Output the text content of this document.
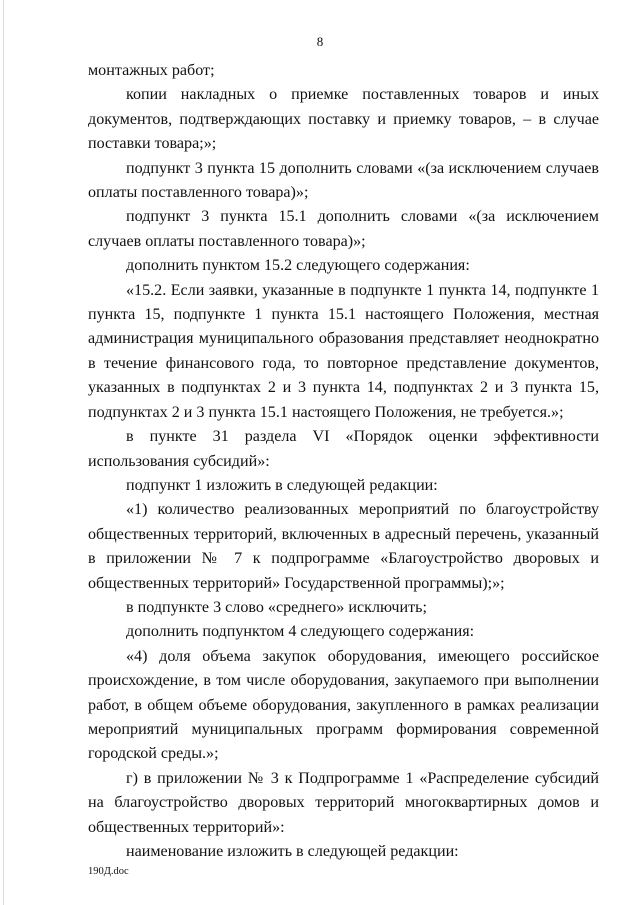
8

монтажных работ;

копии накладных о приемке поставленных товаров и иных документов, подтверждающих поставку и приемку товаров, – в случае поставки товара;»;

подпункт 3 пункта 15 дополнить словами «(за исключением случаев оплаты поставленного товара)»;

подпункт 3 пункта 15.1 дополнить словами «(за исключением случаев оплаты поставленного товара)»;

дополнить пунктом 15.2 следующего содержания:

«15.2. Если заявки, указанные в подпункте 1 пункта 14, подпункте 1 пункта 15, подпункте 1 пункта 15.1 настоящего Положения, местная администрация муниципального образования представляет неоднократно в течение финансового года, то повторное представление документов, указанных в подпунктах 2 и 3 пункта 14, подпунктах 2 и 3 пункта 15, подпунктах 2 и 3 пункта 15.1 настоящего Положения, не требуется.»;

в пункте 31 раздела VI «Порядок оценки эффективности использования субсидий»:

подпункт 1 изложить в следующей редакции:

«1) количество реализованных мероприятий по благоустройству общественных территорий, включенных в адресный перечень, указанный в приложении № 7 к подпрограмме «Благоустройство дворовых и общественных территорий» Государственной программы);»;

в подпункте 3 слово «среднего» исключить;

дополнить подпунктом 4 следующего содержания:

«4) доля объема закупок оборудования, имеющего российское происхождение, в том числе оборудования, закупаемого при выполнении работ, в общем объеме оборудования, закупленного в рамках реализации мероприятий муниципальных программ формирования современной городской среды.»;

г) в приложении № 3 к Подпрограмме 1 «Распределение субсидий на благоустройство дворовых территорий многоквартирных домов и общественных территорий»:

наименование изложить в следующей редакции:

190Д.doc
